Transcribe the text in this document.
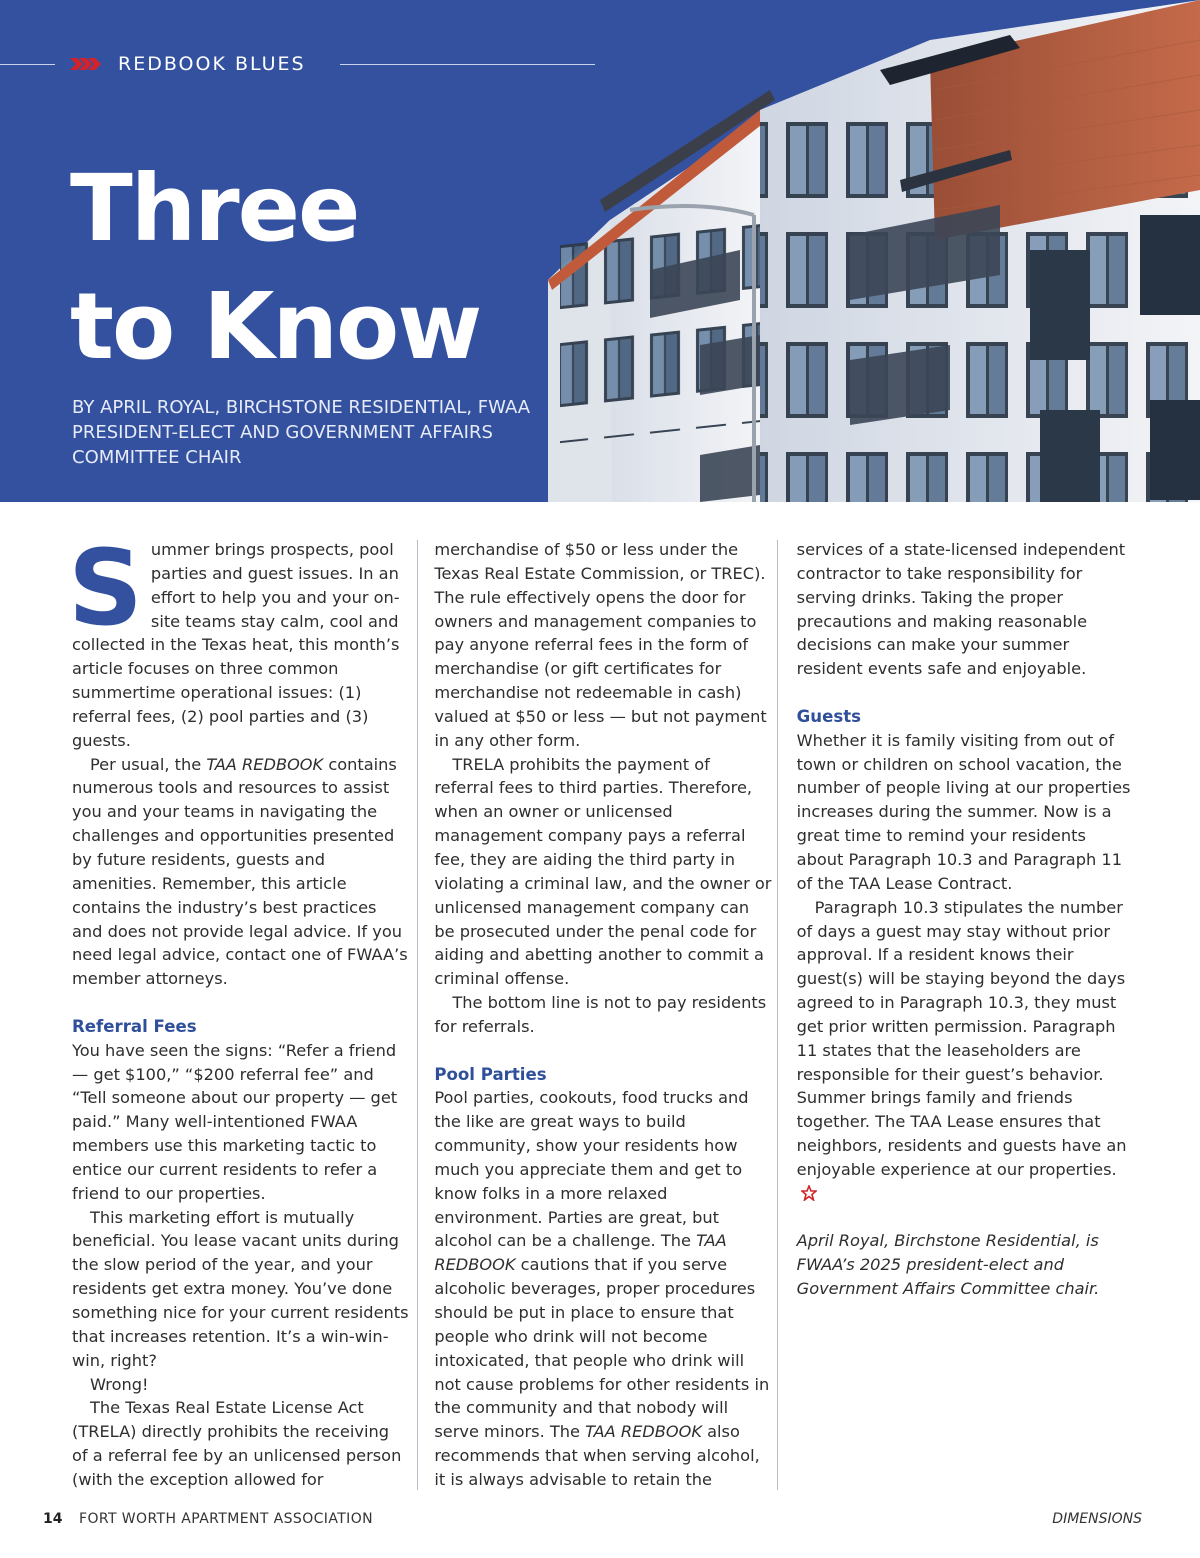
REDBOOK BLUES
Three
to Know

BY APRIL ROYAL, BIRCHSTONE RESIDENTIAL, FWAA PRESIDENT-ELECT AND GOVERNMENT AFFAIRS COMMITTEE CHAIR

14 FORT WORTH APARTMENT ASSOCIATION	DIMENSIONS

Summer brings prospects, pool parties and guest issues. In an effort to help you and your on-site teams stay calm, cool and collected in the Texas heat, this month’s article focuses on three common summertime operational issues: (1) referral fees, (2) pool parties and (3) guests.

Per usual, the TAA REDBOOK contains numerous tools and resources to assist you and your teams in navigating the challenges and opportunities presented by future residents, guests and amenities. Remember, this article contains the industry’s best practices and does not provide legal advice. If you need legal advice, contact one of FWAA’s member attorneys.

Referral Fees

You have seen the signs: “Refer a friend — get $100,” “$200 referral fee” and “Tell someone about our property — get paid.” Many well-intentioned FWAA members use this marketing tactic to entice our current residents to refer a friend to our properties.

This marketing effort is mutually beneficial. You lease vacant units during the slow period of the year, and your residents get extra money. You’ve done something nice for your current residents that increases retention. It’s a win-win-win, right?

Wrong!

The Texas Real Estate License Act (TRELA) directly prohibits the receiving of a referral fee by an unlicensed person (with the exception allowed for merchandise of $50 or less under the Texas Real Estate Commission, or TREC). The rule effectively opens the door for owners and management companies to pay anyone referral fees in the form of merchandise (or gift certificates for merchandise not redeemable in cash) valued at $50 or less — but not payment in any other form.

TRELA prohibits the payment of referral fees to third parties. Therefore, when an owner or unlicensed management company pays a referral fee, they are aiding the third party in violating a criminal law, and the owner or unlicensed management company can be prosecuted under the penal code for aiding and abetting another to commit a criminal offense.

The bottom line is not to pay residents for referrals.

Pool Parties

Pool parties, cookouts, food trucks and the like are great ways to build community, show your residents how much you appreciate them and get to know folks in a more relaxed environment. Parties are great, but alcohol can be a challenge. The TAA REDBOOK cautions that if you serve alcoholic beverages, proper procedures should be put in place to ensure that people who drink will not become intoxicated, that people who drink will not cause problems for other residents in the community and that nobody will serve minors. The TAA REDBOOK also recommends that when serving alcohol, it is always advisable to retain the services of a state-licensed independent contractor to take responsibility for serving drinks. Taking the proper precautions and making reasonable decisions can make your summer resident events safe and enjoyable.

Guests

Whether it is family visiting from out of town or children on school vacation, the number of people living at our properties increases during the summer. Now is a great time to remind your residents about Paragraph 10.3 and Paragraph 11 of the TAA Lease Contract.

Paragraph 10.3 stipulates the number of days a guest may stay without prior approval. If a resident knows their guest(s) will be staying beyond the days agreed to in Paragraph 10.3, they must get prior written permission. Paragraph 11 states that the leaseholders are responsible for their guest’s behavior. Summer brings family and friends together. The TAA Lease ensures that neighbors, residents and guests have an enjoyable experience at our properties.

April Royal, Birchstone Residential, is FWAA’s 2025 president-elect and Government Affairs Committee chair.
